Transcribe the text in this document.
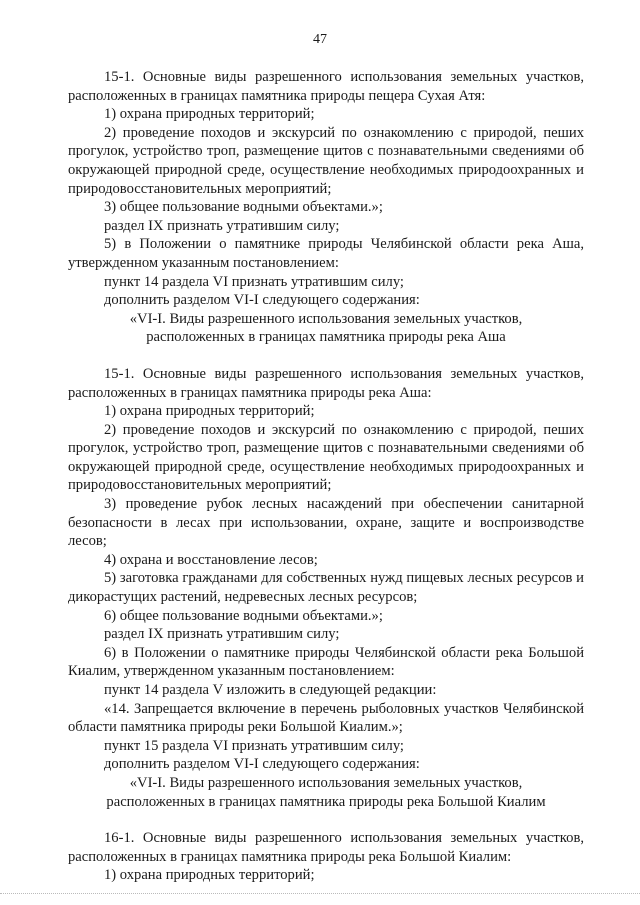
47

15-1. Основные виды разрешенного использования земельных участков, расположенных в границах памятника природы пещера Сухая Атя:

1) охрана природных территорий;

2) проведение походов и экскурсий по ознакомлению с природой, пеших прогулок, устройство троп, размещение щитов с познавательными сведениями об окружающей природной среде, осуществление необходимых природоохранных и природовосстановительных мероприятий;

3) общее пользование водными объектами.»;

раздел IX признать утратившим силу;

5) в Положении о памятнике природы Челябинской области река Аша, утвержденном указанным постановлением:

пункт 14 раздела VI признать утратившим силу;

дополнить разделом VI-I следующего содержания:

«VI-I. Виды разрешенного использования земельных участков,

расположенных в границах памятника природы река Аша

15-1. Основные виды разрешенного использования земельных участков, расположенных в границах памятника природы река Аша:

1) охрана природных территорий;

2) проведение походов и экскурсий по ознакомлению с природой, пеших прогулок, устройство троп, размещение щитов с познавательными сведениями об окружающей природной среде, осуществление необходимых природоохранных и природовосстановительных мероприятий;

3) проведение рубок лесных насаждений при обеспечении санитарной безопасности в лесах при использовании, охране, защите и воспроизводстве лесов;

4) охрана и восстановление лесов;

5) заготовка гражданами для собственных нужд пищевых лесных ресурсов и дикорастущих растений, недревесных лесных ресурсов;

6) общее пользование водными объектами.»;

раздел IX признать утратившим силу;

6) в Положении о памятнике природы Челябинской области река Большой Киалим, утвержденном указанным постановлением:

пункт 14 раздела V изложить в следующей редакции:

«14. Запрещается включение в перечень рыболовных участков Челябинской области памятника природы реки Большой Киалим.»;

пункт 15 раздела VI признать утратившим силу;

дополнить разделом VI-I следующего содержания:

«VI-I. Виды разрешенного использования земельных участков,

расположенных в границах памятника природы река Большой Киалим

16-1. Основные виды разрешенного использования земельных участков, расположенных в границах памятника природы река Большой Киалим:

1) охрана природных территорий;
